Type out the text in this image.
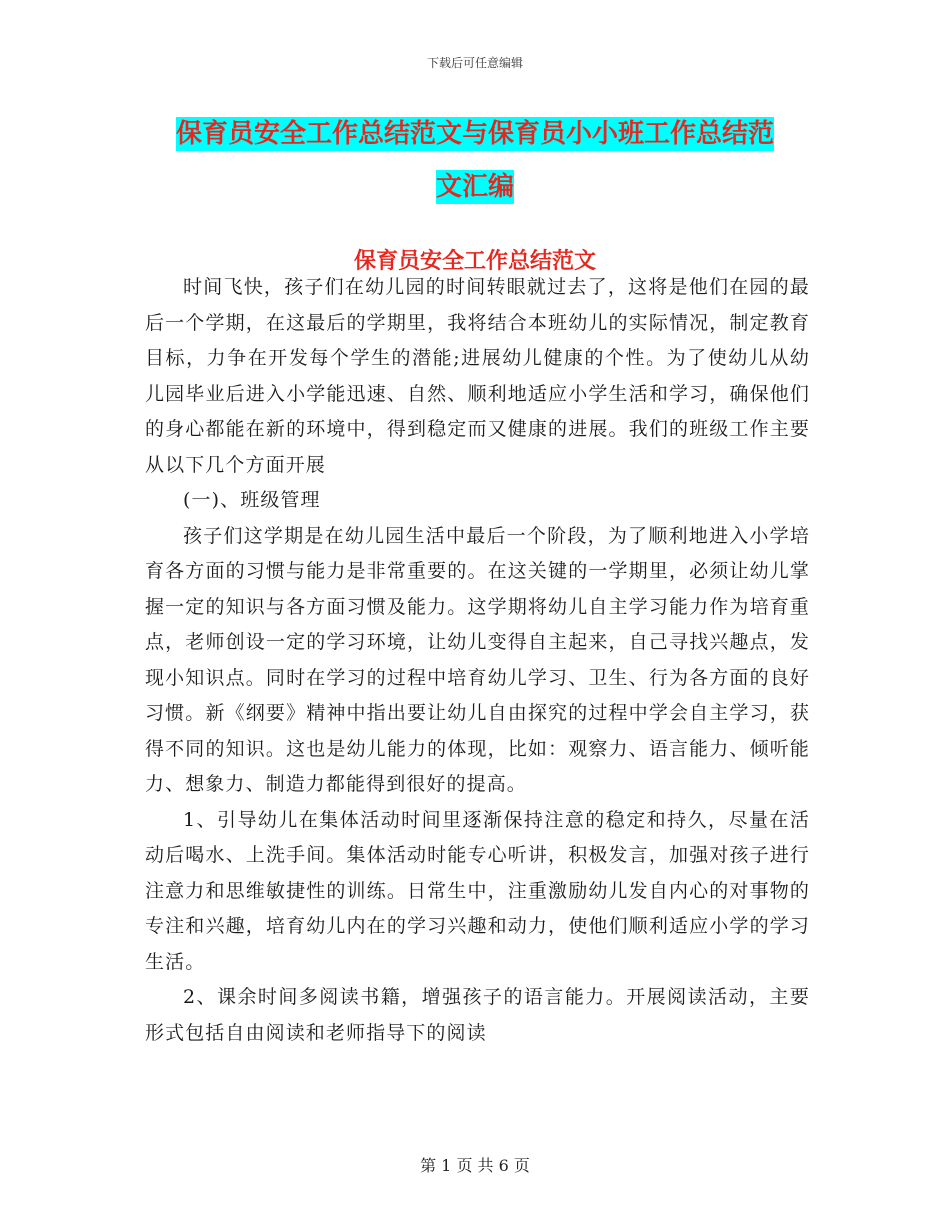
下载后可任意编辑
保育员安全工作总结范文与保育员小小班工作总结范
文汇编
保育员安全工作总结范文

时间飞快，孩子们在幼儿园的时间转眼就过去了，这将是他们在园的最后一个学期，在这最后的学期里，我将结合本班幼儿的实际情况，制定教育目标，力争在开发每个学生的潜能;进展幼儿健康的个性。为了使幼儿从幼儿园毕业后进入小学能迅速、自然、顺利地适应小学生活和学习，确保他们的身心都能在新的环境中，得到稳定而又健康的进展。我们的班级工作主要从以下几个方面开展

(一)、班级管理

孩子们这学期是在幼儿园生活中最后一个阶段，为了顺利地进入小学培育各方面的习惯与能力是非常重要的。在这关键的一学期里，必须让幼儿掌握一定的知识与各方面习惯及能力。这学期将幼儿自主学习能力作为培育重点，老师创设一定的学习环境，让幼儿变得自主起来，自己寻找兴趣点，发现小知识点。同时在学习的过程中培育幼儿学习、卫生、行为各方面的良好习惯。新《纲要》精神中指出要让幼儿自由探究的过程中学会自主学习，获得不同的知识。这也是幼儿能力的体现，比如：观察力、语言能力、倾听能力、想象力、制造力都能得到很好的提高。

1、引导幼儿在集体活动时间里逐渐保持注意的稳定和持久，尽量在活动后喝水、上洗手间。集体活动时能专心听讲，积极发言，加强对孩子进行注意力和思维敏捷性的训练。日常生中，注重激励幼儿发自内心的对事物的专注和兴趣，培育幼儿内在的学习兴趣和动力，使他们顺利适应小学的学习生活。

2、课余时间多阅读书籍，增强孩子的语言能力。开展阅读活动，主要形式包括自由阅读和老师指导下的阅读

第 1 页 共 6 页
